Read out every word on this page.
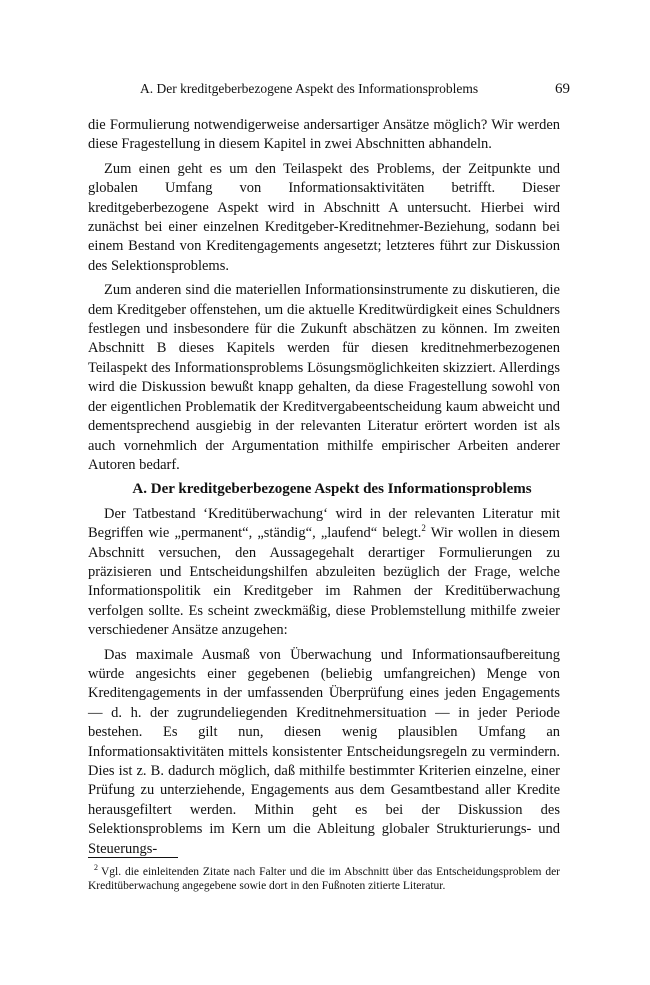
A. Der kreditgeberbezogene Aspekt des Informationsproblems	69

die Formulierung notwendigerweise andersartiger Ansätze möglich? Wir werden diese Fragestellung in diesem Kapitel in zwei Abschnitten abhandeln.

Zum einen geht es um den Teilaspekt des Problems, der Zeitpunkte und globalen Umfang von Informationsaktivitäten betrifft. Dieser kreditgeberbezogene Aspekt wird in Abschnitt A untersucht. Hierbei wird zunächst bei einer einzelnen Kreditgeber-Kreditnehmer-Beziehung, sodann bei einem Bestand von Kreditengagements angesetzt; letzteres führt zur Diskussion des Selektionsproblems.

Zum anderen sind die materiellen Informationsinstrumente zu diskutieren, die dem Kreditgeber offenstehen, um die aktuelle Kreditwürdigkeit eines Schuldners festlegen und insbesondere für die Zukunft abschätzen zu können. Im zweiten Abschnitt B dieses Kapitels werden für diesen kreditnehmerbezogenen Teilaspekt des Informationsproblems Lösungsmöglichkeiten skizziert. Allerdings wird die Diskussion bewußt knapp gehalten, da diese Fragestellung sowohl von der eigentlichen Problematik der Kreditvergabeentscheidung kaum abweicht und dementsprechend ausgiebig in der relevanten Literatur erörtert worden ist als auch vornehmlich der Argumentation mithilfe empirischer Arbeiten anderer Autoren bedarf.

A. Der kreditgeberbezogene Aspekt des Informationsproblems

Der Tatbestand ‘Kreditüberwachung‘ wird in der relevanten Literatur mit Begriffen wie „permanent“, „ständig“, „laufend“ belegt.$^2$ Wir wollen in diesem Abschnitt versuchen, den Aussagegehalt derartiger Formulierungen zu präzisieren und Entscheidungshilfen abzuleiten bezüglich der Frage, welche Informationspolitik ein Kreditgeber im Rahmen der Kreditüberwachung verfolgen sollte. Es scheint zweckmäßig, diese Problemstellung mithilfe zweier verschiedener Ansätze anzugehen:

Das maximale Ausmaß von Überwachung und Informationsaufbereitung würde angesichts einer gegebenen (beliebig umfangreichen) Menge von Kreditengagements in der umfassenden Überprüfung eines jeden Engagements — d. h. der zugrundeliegenden Kreditnehmersituation — in jeder Periode bestehen. Es gilt nun, diesen wenig plausiblen Umfang an Informationsaktivitäten mittels konsistenter Entscheidungsregeln zu vermindern. Dies ist z. B. dadurch möglich, daß mithilfe bestimmter Kriterien einzelne, einer Prüfung zu unterziehende, Engagements aus dem Gesamtbestand aller Kredite herausgefiltert werden. Mithin geht es bei der Diskussion des Selektionsproblems im Kern um die Ableitung globaler Strukturierungs- und Steuerungs-

$^2$ Vgl. die einleitenden Zitate nach Falter und die im Abschnitt über das Entscheidungsproblem der Kreditüberwachung angegebene sowie dort in den Fußnoten zitierte Literatur.
